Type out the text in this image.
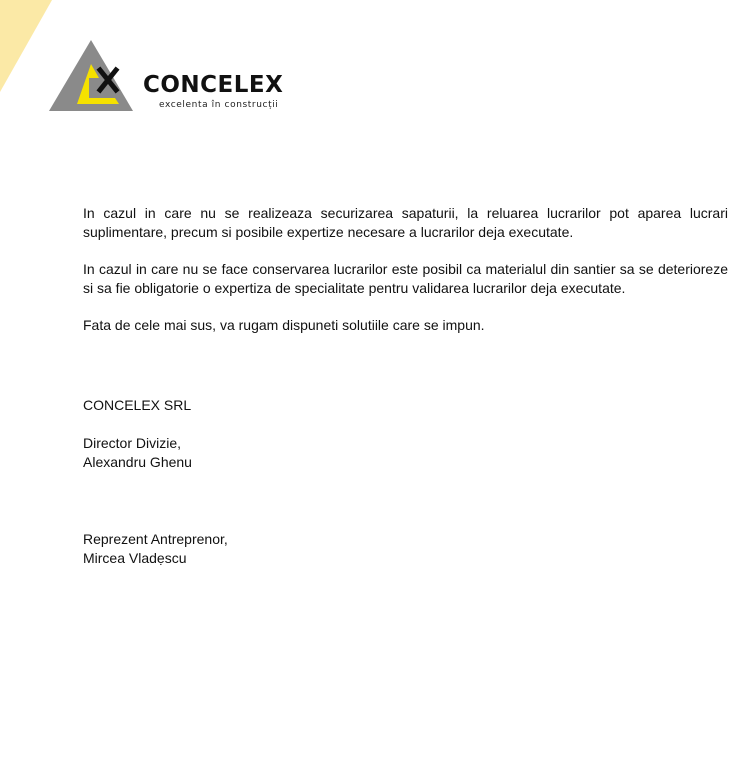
CONCELEX
excelenta în construcții

In cazul in care nu se realizeaza securizarea sapaturii, la reluarea lucrarilor pot aparea lucrari suplimentare, precum si posibile expertize necesare a lucrarilor deja executate.

In cazul in care nu se face conservarea lucrarilor este posibil ca materialul din santier sa se deterioreze si sa fie obligatorie o expertiza de specialitate pentru validarea lucrarilor deja executate.

Fata de cele mai sus, va rugam dispuneti solutiile care se impun.

CONCELEX SRL
Director Divizie,
Alexandru Ghenu
Reprezent Antreprenor,
Mircea Vladẹscu
